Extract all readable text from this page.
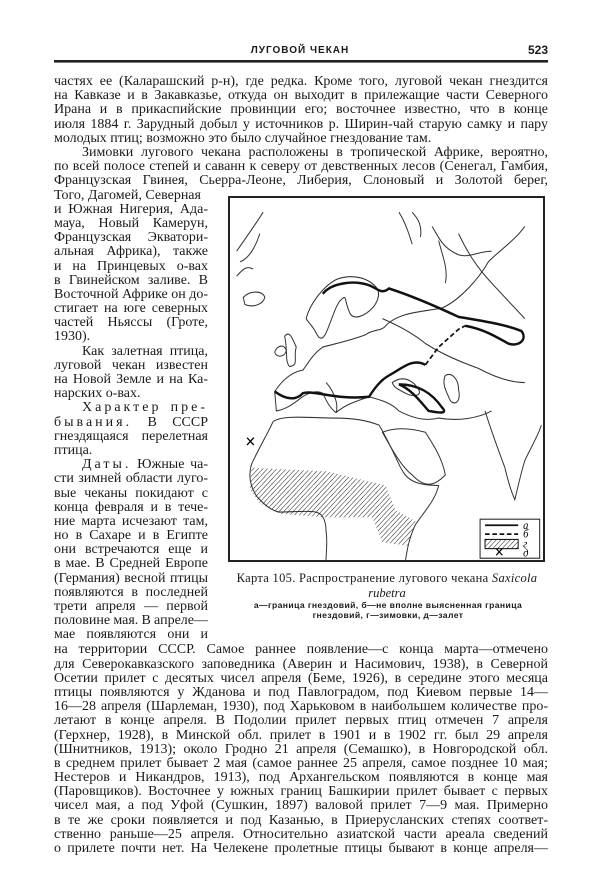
ЛУГОВОЙ ЧЕКАН	523
частях ее (Каларашский р-н), где редка. Кроме того, луговой чекан гнездится
на Кавказе и в Закавказье, откуда он выходит в прилежащие части Северного
Ирана и в прикаспийские провинции его; восточнее известно, что в конце
июля 1884 г. Зарудный добыл у источников р. Ширин-чай старую самку и пару
молодых птиц; возможно это было случайное гнездование там.
Зимовки лугового чекана расположены в тропической Африке, вероятно,
по всей полосе степей и саванн к северу от девственных лесов (Сенегал, Гамбия,
Французская Гвинея, Сьерра-Леоне, Либерия, Слоновый и Золотой берег,
Того, Дагомей, Северная
и Южная Нигерия, Ада-
мауа, Новый Камерун,
Французская Экватори-
альная Африка), также
и на Принцевых о-вах
в Гвинейском заливе. В
Восточной Африке он до-
стигает на юге северных
частей Ньяссы (Гроте,
1930).
Как залетная птица,
луговой чекан известен
на Новой Земле и на Ка-
нарских о-вах.
Характер пре-
бывания. В СССР
гнездящаяся перелетная
птица.
Даты. Южные ча-
сти зимней области луго-
вые чеканы покидают с
конца февраля и в тече-
ние марта исчезают там,
но в Сахаре и в Египте
они встречаются еще и
в мае. В Средней Европе
(Германия) весной птицы
появляются в последней
трети апреля — первой
половине мая. В апреле—
мае появляются они и
на территории СССР. Самое раннее появление—с конца марта—отмечено
для Северокавказского заповедника (Аверин и Насимович, 1938), в Северной
Осетии прилет с десятых чисел апреля (Беме, 1926), в середине этого месяца
птицы появляются у Жданова и под Павлоградом, под Киевом первые 14—
16—28 апреля (Шарлеман, 1930), под Харьковом в наибольшем количестве про-
летают в конце апреля. В Подолии прилет первых птиц отмечен 7 апреля
(Герхнер, 1928), в Минской обл. прилет в 1901 и в 1902 гг. был 29 апреля
(Шнитников, 1913); около Гродно 21 апреля (Семашко), в Новгородской обл.
в среднем прилет бывает 2 мая (самое раннее 25 апреля, самое позднее 10 мая;
Нестеров и Никандров, 1913), под Архангельском появляются в конце мая
(Паровщиков). Восточнее у южных границ Башкирии прилет бывает с первых
чисел мая, а под Уфой (Сушкин, 1897) валовой прилет 7—9 мая. Примерно
в те же сроки появляется и под Казанью, в Приерусланских степях соответ-
ственно раньше—25 апреля. Относительно азиатской части ареала сведений
о прилете почти нет. На Челекене пролетные птицы бывают в конце апреля—
✕
✕
а
б
г
д
Карта 105. Распространение лугового чекана Saxicola
rubetra
а—граница гнездовий, б—не вполне выясненная граница гнездовий, г—зимовки, д—залет
